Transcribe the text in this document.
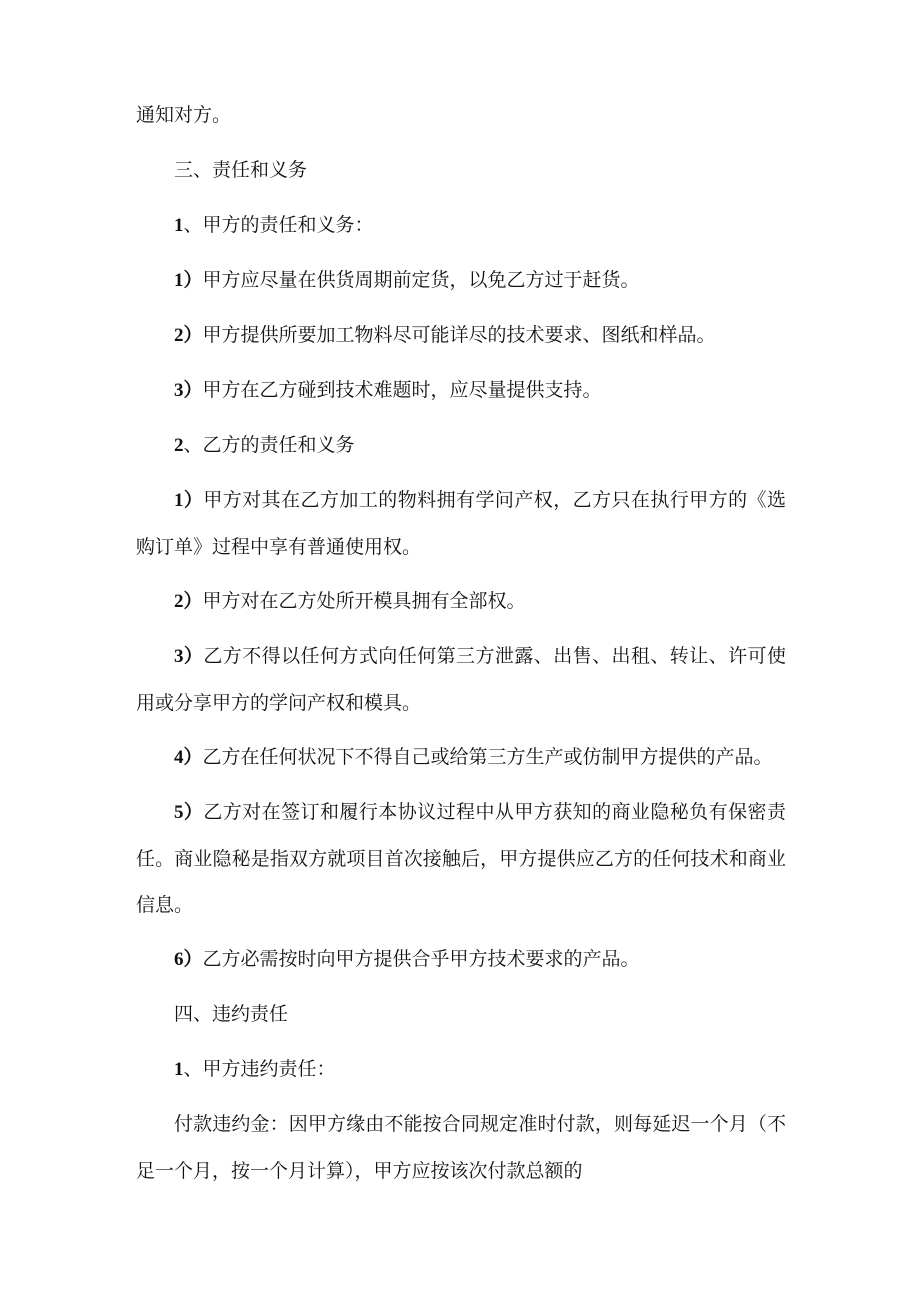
通知对方。

三、责任和义务

1、甲方的责任和义务：

1）甲方应尽量在供货周期前定货，以免乙方过于赶货。

2）甲方提供所要加工物料尽可能详尽的技术要求、图纸和样品。

3）甲方在乙方碰到技术难题时，应尽量提供支持。

2、乙方的责任和义务

1）甲方对其在乙方加工的物料拥有学问产权，乙方只在执行甲方的《选购订单》过程中享有普通使用权。

2）甲方对在乙方处所开模具拥有全部权。

3）乙方不得以任何方式向任何第三方泄露、出售、出租、转让、许可使用或分享甲方的学问产权和模具。

4）乙方在任何状况下不得自己或给第三方生产或仿制甲方提供的产品。

5）乙方对在签订和履行本协议过程中从甲方获知的商业隐秘负有保密责任。商业隐秘是指双方就项目首次接触后，甲方提供应乙方的任何技术和商业信息。

6）乙方必需按时向甲方提供合乎甲方技术要求的产品。

四、违约责任

1、甲方违约责任：

付款违约金：因甲方缘由不能按合同规定准时付款，则每延迟一个月（不足一个月，按一个月计算），甲方应按该次付款总额的
